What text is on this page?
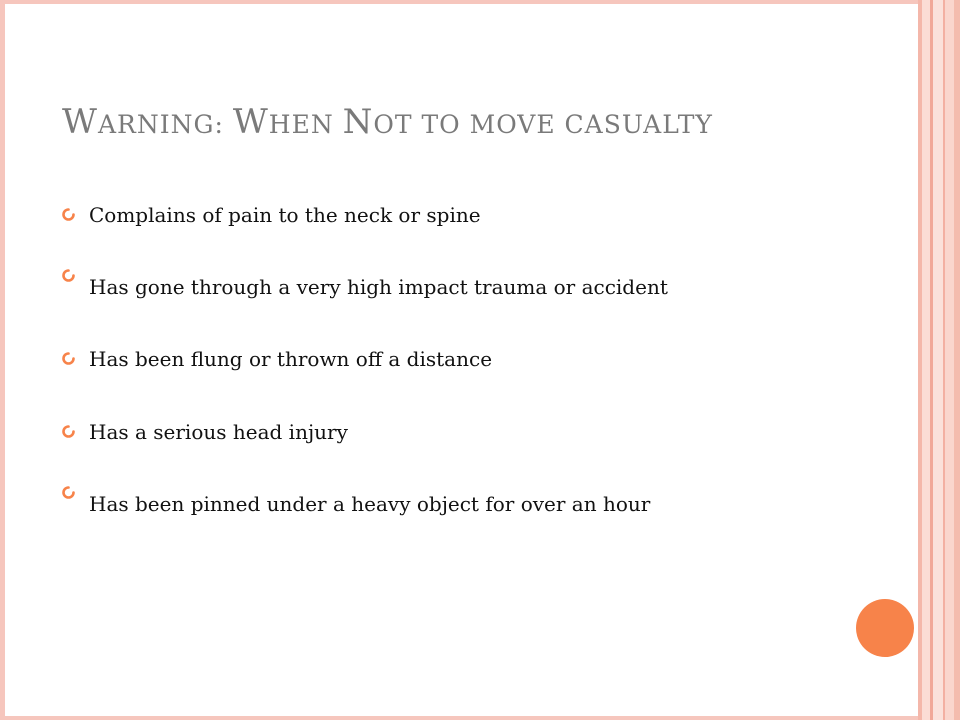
WARNING: WHEN NOT TO MOVE CASUALTY
Complains of pain to the neck or spine
Has gone through a very high impact trauma or accident
Has been flung or thrown off a distance
Has a serious head injury
Has been pinned under a heavy object for over an hour
